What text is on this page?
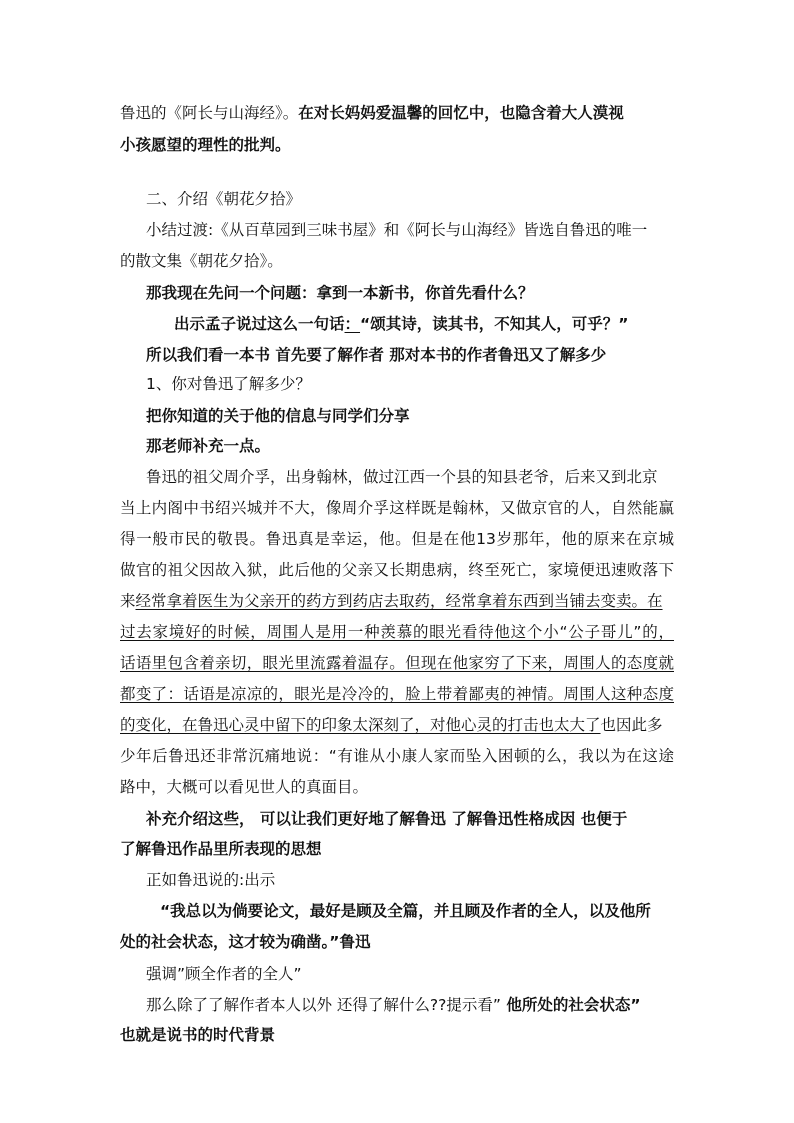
鲁迅的《阿长与山海经》。在对长妈妈爱温馨的回忆中，也隐含着大人漠视
小孩愿望的理性的批判。
二、介绍《朝花夕拾》
小结过渡:《从百草园到三味书屋》和《阿长与山海经》皆选自鲁迅的唯一
的散文集《朝花夕拾》。
那我现在先问一个问题：拿到一本新书，你首先看什么？
出示孟子说过这么一句话：“颂其诗，读其书，不知其人，可乎？”
所以我们看一本书 首先要了解作者 那对本书的作者鲁迅又了解多少
1、你对鲁迅了解多少？
把你知道的关于他的信息与同学们分享
那老师补充一点。
鲁迅的祖父周介孚，出身翰林，做过江西一个县的知县老爷，后来又到北京
当上内阁中书绍兴城并不大，像周介孚这样既是翰林，又做京官的人，自然能赢
得一般市民的敬畏。鲁迅真是幸运，他。但是在他13岁那年，他的原来在京城
做官的祖父因故入狱，此后他的父亲又长期患病，终至死亡，家境便迅速败落下
来经常拿着医生为父亲开的药方到药店去取药，经常拿着东西到当铺去变卖。在
过去家境好的时候，周围人是用一种羡慕的眼光看待他这个小“公子哥儿”的，
话语里包含着亲切，眼光里流露着温存。但现在他家穷了下来，周围人的态度就
都变了：话语是凉凉的，眼光是冷冷的，脸上带着鄙夷的神情。周围人这种态度
的变化，在鲁迅心灵中留下的印象太深刻了，对他心灵的打击也太大了也因此多
少年后鲁迅还非常沉痛地说：“有谁从小康人家而坠入困顿的么，我以为在这途
路中，大概可以看见世人的真面目。
补充介绍这些， 可以让我们更好地了解鲁迅 了解鲁迅性格成因 也便于
了解鲁迅作品里所表现的思想
正如鲁迅说的:出示
“我总以为倘要论文，最好是顾及全篇，并且顾及作者的全人，以及他所
处的社会状态，这才较为确凿。”鲁迅
强调”顾全作者的全人”
那么除了了解作者本人以外 还得了解什么??提示看” 他所处的社会状态”
也就是说书的时代背景
